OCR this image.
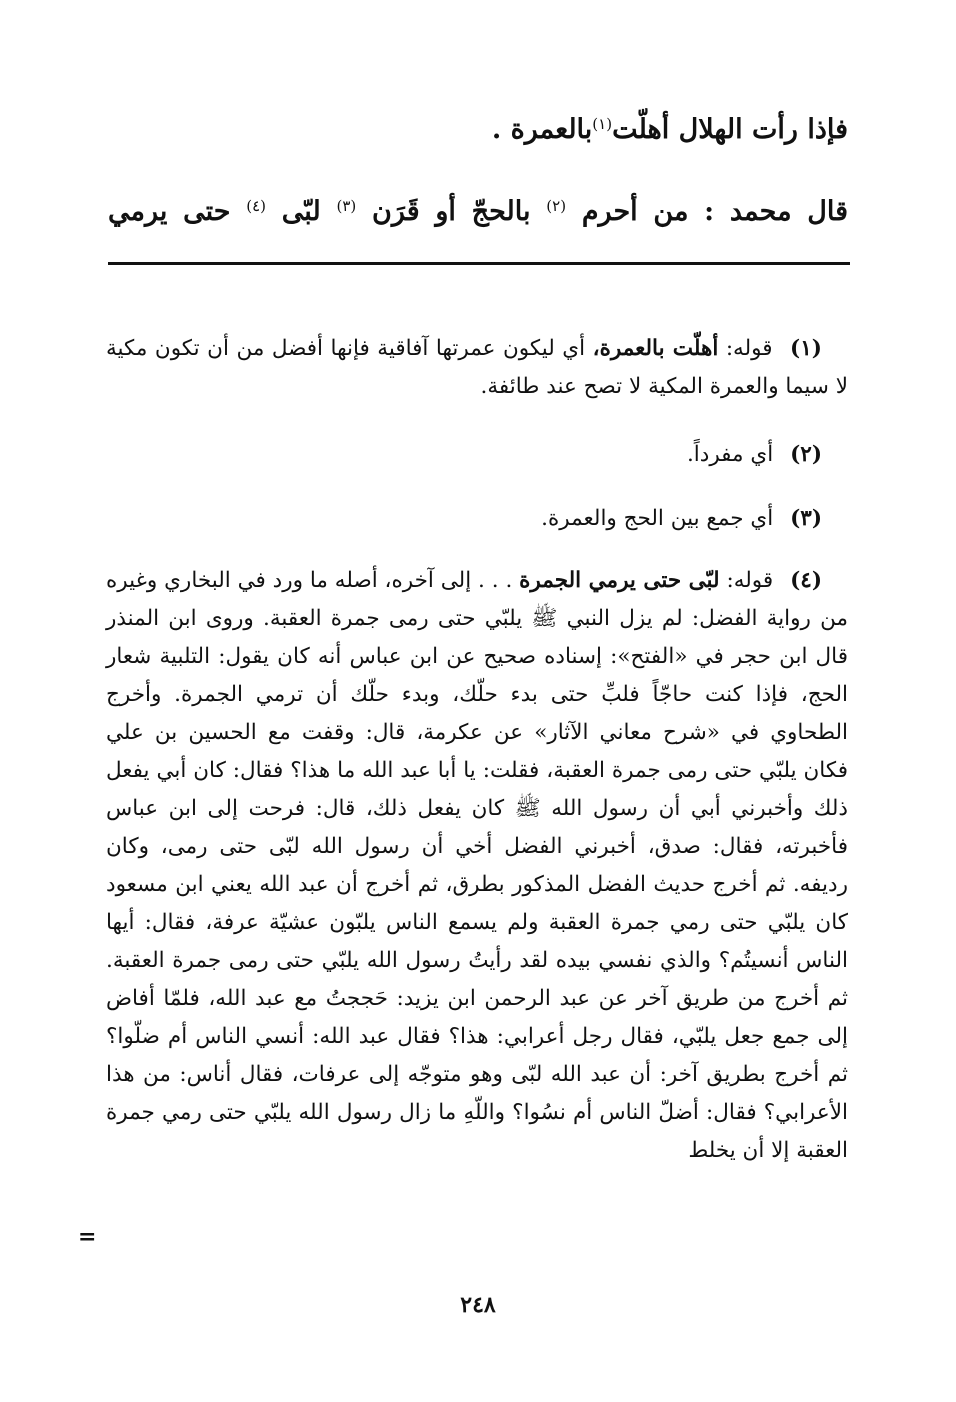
فإذا رأت الهلال أهلّت$^{(١)}$بالعمرة .
قال محمد : من أحرم $^{(٢)}$ بالحجّ أو قَرَن $^{(٣)}$ لبّى $^{(٤)}$ حتى يرمي
(١) قوله: أهلّت بالعمرة، أي ليكون عمرتها آفاقية فإنها أفضل من أن تكون مكية لا سيما والعمرة المكية لا تصح عند طائفة.
(٢) أي مفرداً.
(٣) أي جمع بين الحج والعمرة.
(٤) قوله: لبّى حتى يرمي الجمرة . . . إلى آخره، أصله ما ورد في البخاري وغيره من رواية الفضل: لم يزل النبي ﷺ يلبّي حتى رمى جمرة العقبة. وروى ابن المنذر قال ابن حجر في «الفتح»: إسناده صحيح عن ابن عباس أنه كان يقول: التلبية شعار الحج، فإذا كنت حاجّاً فلبِّ حتى بدء حلّك، وبدء حلّك أن ترمي الجمرة. وأخرج الطحاوي في «شرح معاني الآثار» عن عكرمة، قال: وقفت مع الحسين بن علي فكان يلبّي حتى رمى جمرة العقبة، فقلت: يا أبا عبد الله ما هذا؟ فقال: كان أبي يفعل ذلك وأخبرني أبي أن رسول الله ﷺ كان يفعل ذلك، قال: فرحت إلى ابن عباس فأخبرته، فقال: صدق، أخبرني الفضل أخي أن رسول الله لبّى حتى رمى، وكان رديفه. ثم أخرج حديث الفضل المذكور بطرق، ثم أخرج أن عبد الله يعني ابن مسعود كان يلبّي حتى رمي جمرة العقبة ولم يسمع الناس يلبّون عشيّة عرفة، فقال: أيها الناس أنسيتُم؟ والذي نفسي بيده لقد رأيتُ رسول الله يلبّي حتى رمى جمرة العقبة. ثم أخرج من طريق آخر عن عبد الرحمن ابن يزيد: حَججتُ مع عبد الله، فلمّا أفاض إلى جمع جعل يلبّي، فقال رجل أعرابي: هذا؟ فقال عبد الله: أنسي الناس أم ضلّوا؟ ثم أخرج بطريق آخر: أن عبد الله لبّى وهو متوجّه إلى عرفات، فقال أناس: من هذا الأعرابي؟ فقال: أضلّ الناس أم نسُوا؟ واللّهِ ما زال رسول الله يلبّي حتى رمي جمرة العقبة إلا أن يخلط
=
٢٤٨
